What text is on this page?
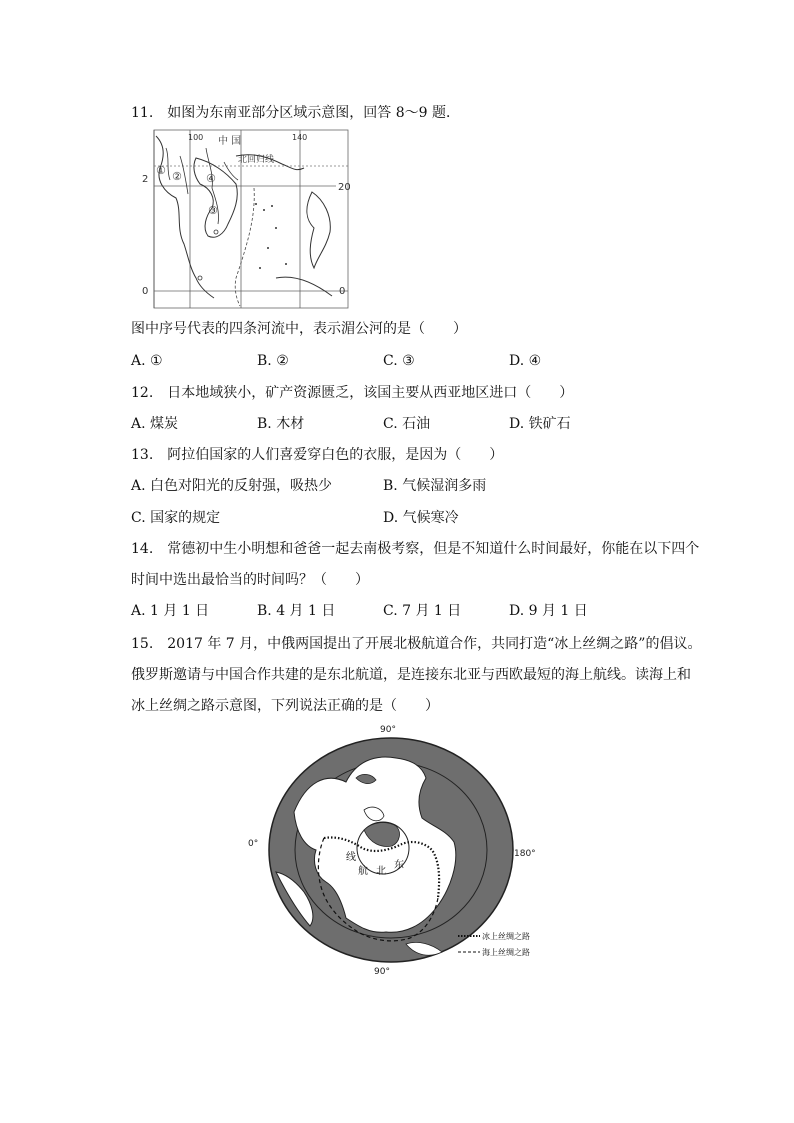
11.　如图为东南亚部分区域示意图，回答 8～9 题．
100	140
中 国
北回归线
20
2
0	0
① ② ④
③
图中序号代表的四条河流中，表示湄公河的是（　　）
A. ①	B. ②	C. ③	D. ④
12.　日本地域狭小，矿产资源匮乏，该国主要从西亚地区进口（　　）
A. 煤炭	B. 木材	C. 石油	D. 铁矿石
13.　阿拉伯国家的人们喜爱穿白色的衣服，是因为（　　）
A. 白色对阳光的反射强，吸热少	B. 气候湿润多雨
C. 国家的规定	D. 气候寒冷
14.　常德初中生小明想和爸爸一起去南极考察，但是不知道什么时间最好，你能在以下四个
时间中选出最恰当的时间吗？（　　）
A. 1 月 1 日	B. 4 月 1 日	C. 7 月 1 日	D. 9 月 1 日
15.　2017 年 7 月，中俄两国提出了开展北极航道合作，共同打造“冰上丝绸之路”的倡议。
俄罗斯邀请与中国合作共建的是东北航道，是连接东北亚与西欧最短的海上航线。读海上和
冰上丝绸之路示意图，下列说法正确的是（　　）
90°
90°
0°
180°
线
航 北
东
冰上丝绸之路
海上丝绸之路
